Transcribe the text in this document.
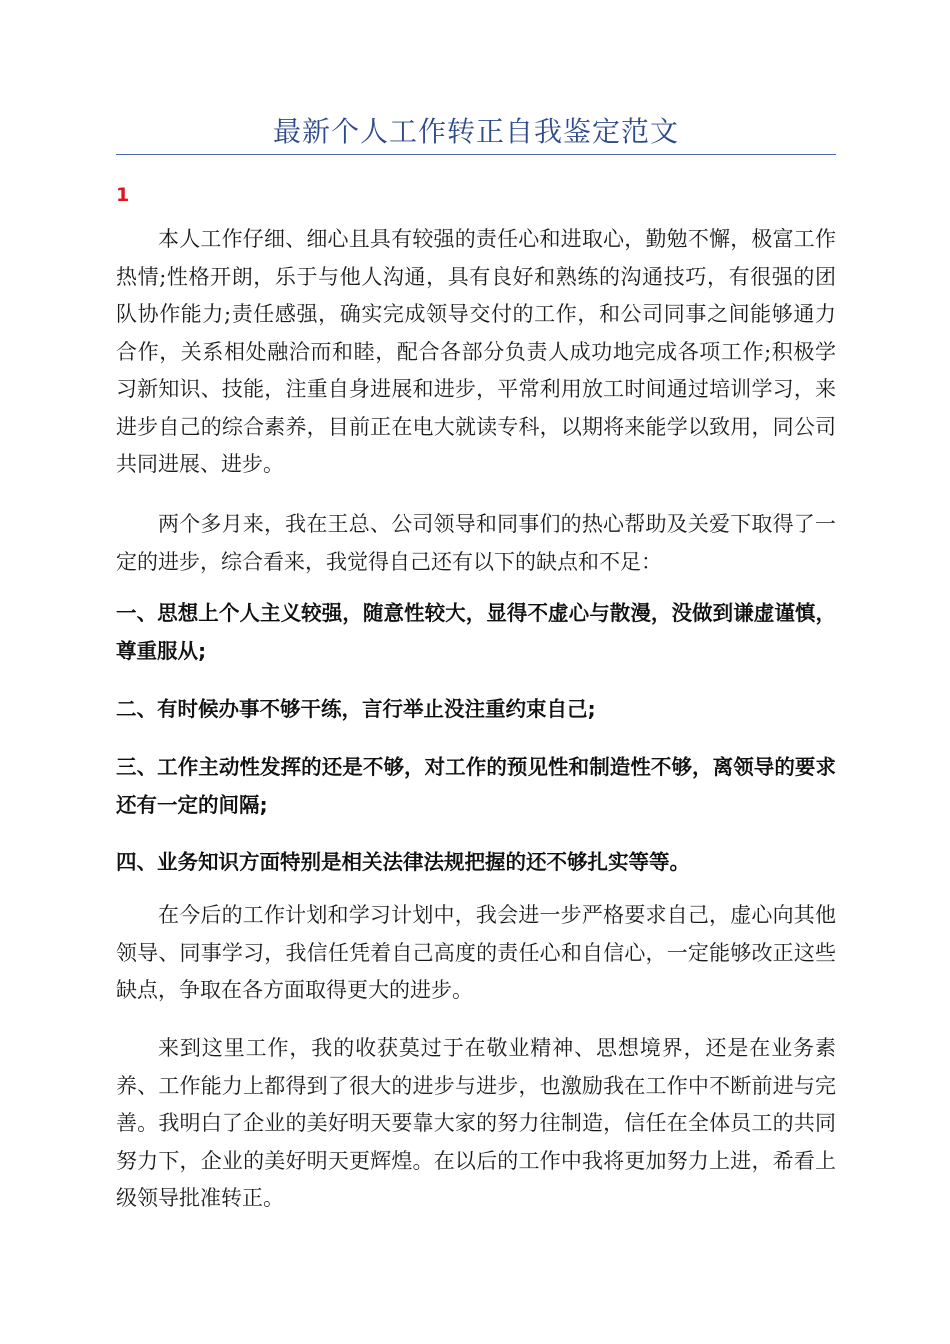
最新个人工作转正自我鉴定范文
1

本人工作仔细、细心且具有较强的责任心和进取心，勤勉不懈，极富工作热情;性格开朗，乐于与他人沟通，具有良好和熟练的沟通技巧，有很强的团队协作能力;责任感强，确实完成领导交付的工作，和公司同事之间能够通力合作，关系相处融洽而和睦，配合各部分负责人成功地完成各项工作;积极学习新知识、技能，注重自身进展和进步，平常利用放工时间通过培训学习，来进步自己的综合素养，目前正在电大就读专科，以期将来能学以致用，同公司共同进展、进步。

两个多月来，我在王总、公司领导和同事们的热心帮助及关爱下取得了一定的进步，综合看来，我觉得自己还有以下的缺点和不足：

一、思想上个人主义较强，随意性较大，显得不虚心与散漫，没做到谦虚谨慎，尊重服从;

二、有时候办事不够干练，言行举止没注重约束自己;

三、工作主动性发挥的还是不够，对工作的预见性和制造性不够，离领导的要求还有一定的间隔;

四、业务知识方面特别是相关法律法规把握的还不够扎实等等。

在今后的工作计划和学习计划中，我会进一步严格要求自己，虚心向其他领导、同事学习，我信任凭着自己高度的责任心和自信心，一定能够改正这些缺点，争取在各方面取得更大的进步。

来到这里工作，我的收获莫过于在敬业精神、思想境界，还是在业务素养、工作能力上都得到了很大的进步与进步，也激励我在工作中不断前进与完善。我明白了企业的美好明天要靠大家的努力往制造，信任在全体员工的共同努力下，企业的美好明天更辉煌。在以后的工作中我将更加努力上进，希看上级领导批准转正。
